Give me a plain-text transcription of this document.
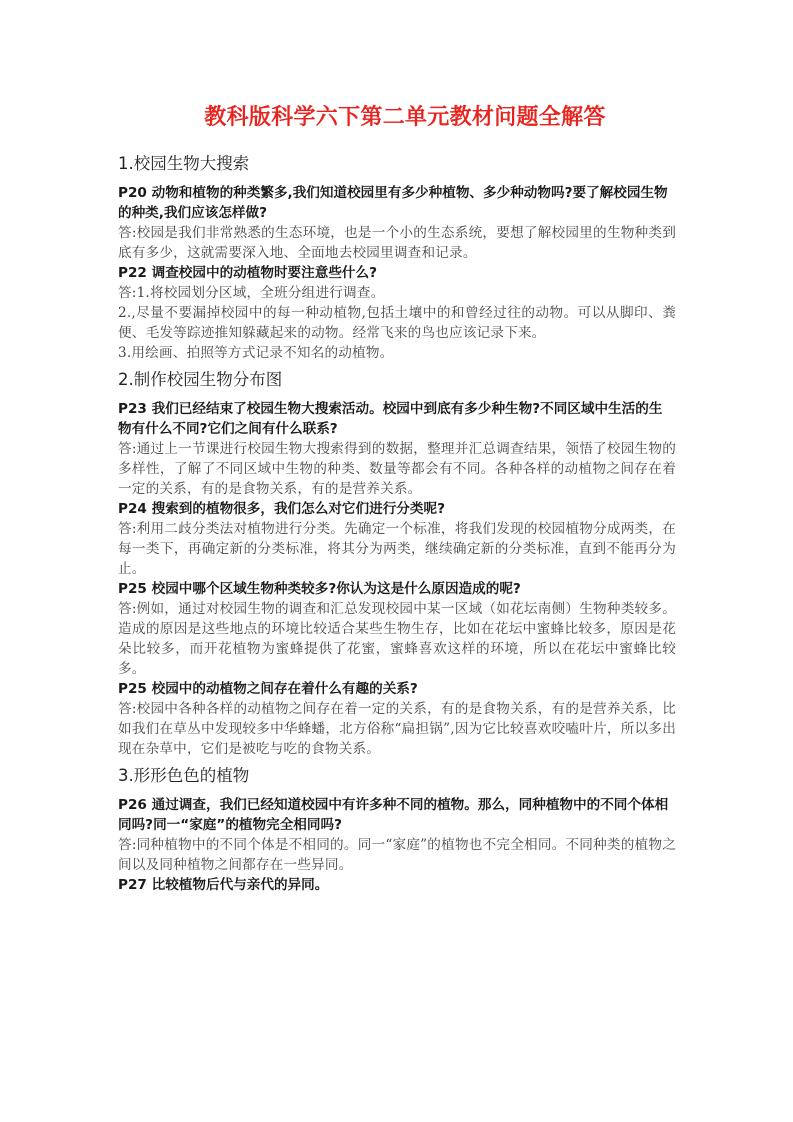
教科版科学六下第二单元教材问题全解答
1.校园生物大搜索

P20 动物和植物的种类繁多,我们知道校园里有多少种植物、多少种动物吗?要了解校园生物的种类,我们应该怎样做?

答:校园是我们非常熟悉的生态环境，也是一个小的生态系统，要想了解校园里的生物种类到底有多少，这就需要深入地、全面地去校园里调查和记录。

P22 调查校园中的动植物时要注意些什么?

答:1.将校园划分区域，全班分组进行调查。

2.,尽量不要漏掉校园中的每一种动植物,包括土壤中的和曾经过往的动物。可以从脚印、粪便、毛发等踪迹推知躲藏起来的动物。经常飞来的鸟也应该记录下来。

3.用绘画、拍照等方式记录不知名的动植物。

2.制作校园生物分布图

P23 我们已经结束了校园生物大搜索活动。校园中到底有多少种生物?不同区域中生活的生物有什么不同?它们之间有什么联系?

答:通过上一节课进行校园生物大搜索得到的数据，整理并汇总调查结果，领悟了校园生物的多样性，了解了不同区域中生物的种类、数量等都会有不同。各种各样的动植物之间存在着一定的关系，有的是食物关系，有的是营养关系。

P24 搜索到的植物很多，我们怎么对它们进行分类呢?

答:利用二歧分类法对植物进行分类。先确定一个标准，将我们发现的校园植物分成两类，在每一类下，再确定新的分类标准，将其分为两类，继续确定新的分类标准，直到不能再分为止。

P25 校园中哪个区域生物种类较多?你认为这是什么原因造成的呢?

答:例如，通过对校园生物的调查和汇总发现校园中某一区域（如花坛南侧）生物种类较多。造成的原因是这些地点的环境比较适合某些生物生存，比如在花坛中蜜蜂比较多，原因是花朵比较多，而开花植物为蜜蜂提供了花蜜，蜜蜂喜欢这样的环境，所以在花坛中蜜蜂比较多。

P25 校园中的动植物之间存在着什么有趣的关系?

答:校园中各种各样的动植物之间存在着一定的关系，有的是食物关系，有的是营养关系，比如我们在草丛中发现较多中华蜂蟠，北方俗称“扁担锅”,因为它比较喜欢咬嗑叶片，所以多出现在杂草中，它们是被吃与吃的食物关系。

3.形形色色的植物

P26 通过调查，我们已经知道校园中有许多种不同的植物。那么，同种植物中的不同个体相同吗?同一“家庭”的植物完全相同吗?

答:同种植物中的不同个体是不相同的。同一“家庭”的植物也不完全相同。不同种类的植物之间以及同种植物之间都存在一些异同。

P27 比较植物后代与亲代的异同。
